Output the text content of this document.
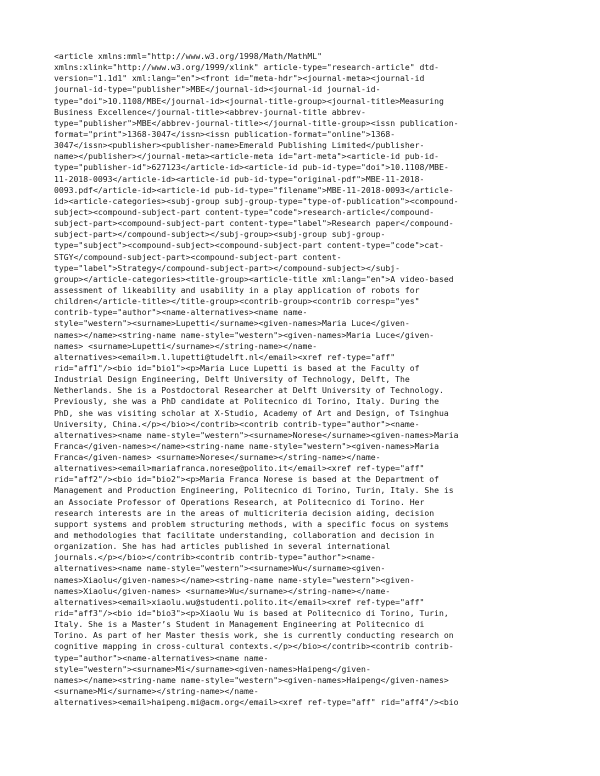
<article xmlns:mml="http://www.w3.org/1998/Math/MathML"
xmlns:xlink="http://www.w3.org/1999/xlink" article-type="research-article" dtd-
version="1.1d1" xml:lang="en"><front id="meta-hdr"><journal-meta><journal-id
journal-id-type="publisher">MBE</journal-id><journal-id journal-id-
type="doi">10.1108/MBE</journal-id><journal-title-group><journal-title>Measuring
Business Excellence</journal-title><abbrev-journal-title abbrev-
type="publisher">MBE</abbrev-journal-title></journal-title-group><issn publication-
format="print">1368-3047</issn><issn publication-format="online">1368-
3047</issn><publisher><publisher-name>Emerald Publishing Limited</publisher-
name></publisher></journal-meta><article-meta id="art-meta"><article-id pub-id-
type="publisher-id">627123</article-id><article-id pub-id-type="doi">10.1108/MBE-
11-2018-0093</article-id><article-id pub-id-type="original-pdf">MBE-11-2018-
0093.pdf</article-id><article-id pub-id-type="filename">MBE-11-2018-0093</article-
id><article-categories><subj-group subj-group-type="type-of-publication"><compound-
subject><compound-subject-part content-type="code">research-article</compound-
subject-part><compound-subject-part content-type="label">Research paper</compound-
subject-part></compound-subject></subj-group><subj-group subj-group-
type="subject"><compound-subject><compound-subject-part content-type="code">cat-
STGY</compound-subject-part><compound-subject-part content-
type="label">Strategy</compound-subject-part></compound-subject></subj-
group></article-categories><title-group><article-title xml:lang="en">A video-based
assessment of likeability and usability in a play application of robots for
children</article-title></title-group><contrib-group><contrib corresp="yes"
contrib-type="author"><name-alternatives><name name-
style="western"><surname>Lupetti</surname><given-names>Maria Luce</given-
names></name><string-name name-style="western"><given-names>Maria Luce</given-
names> <surname>Lupetti</surname></string-name></name-
alternatives><email>m.l.lupetti@tudelft.nl</email><xref ref-type="aff"
rid="aff1"/><bio id="bio1"><p>Maria Luce Lupetti is based at the Faculty of
Industrial Design Engineering, Delft University of Technology, Delft, The
Netherlands. She is a Postdoctoral Researcher at Delft University of Technology.
Previously, she was a PhD candidate at Politecnico di Torino, Italy. During the
PhD, she was visiting scholar at X-Studio, Academy of Art and Design, of Tsinghua
University, China.</p></bio></contrib><contrib contrib-type="author"><name-
alternatives><name name-style="western"><surname>Norese</surname><given-names>Maria
Franca</given-names></name><string-name name-style="western"><given-names>Maria
Franca</given-names> <surname>Norese</surname></string-name></name-
alternatives><email>mariafranca.norese@polito.it</email><xref ref-type="aff"
rid="aff2"/><bio id="bio2"><p>Maria Franca Norese is based at the Department of
Management and Production Engineering, Politecnico di Torino, Turin, Italy. She is
an Associate Professor of Operations Research, at Politecnico di Torino. Her
research interests are in the areas of multicriteria decision aiding, decision
support systems and problem structuring methods, with a specific focus on systems
and methodologies that facilitate understanding, collaboration and decision in
organization. She has had articles published in several international
journals.</p></bio></contrib><contrib contrib-type="author"><name-
alternatives><name name-style="western"><surname>Wu</surname><given-
names>Xiaolu</given-names></name><string-name name-style="western"><given-
names>Xiaolu</given-names> <surname>Wu</surname></string-name></name-
alternatives><email>xiaolu.wu@studenti.polito.it</email><xref ref-type="aff"
rid="aff3"/><bio id="bio3"><p>Xiaolu Wu is based at Politecnico di Torino, Turin,
Italy. She is a Master’s Student in Management Engineering at Politecnico di
Torino. As part of her Master thesis work, she is currently conducting research on
cognitive mapping in cross-cultural contexts.</p></bio></contrib><contrib contrib-
type="author"><name-alternatives><name name-
style="western"><surname>Mi</surname><given-names>Haipeng</given-
names></name><string-name name-style="western"><given-names>Haipeng</given-names>
<surname>Mi</surname></string-name></name-
alternatives><email>haipeng.mi@acm.org</email><xref ref-type="aff" rid="aff4"/><bio
